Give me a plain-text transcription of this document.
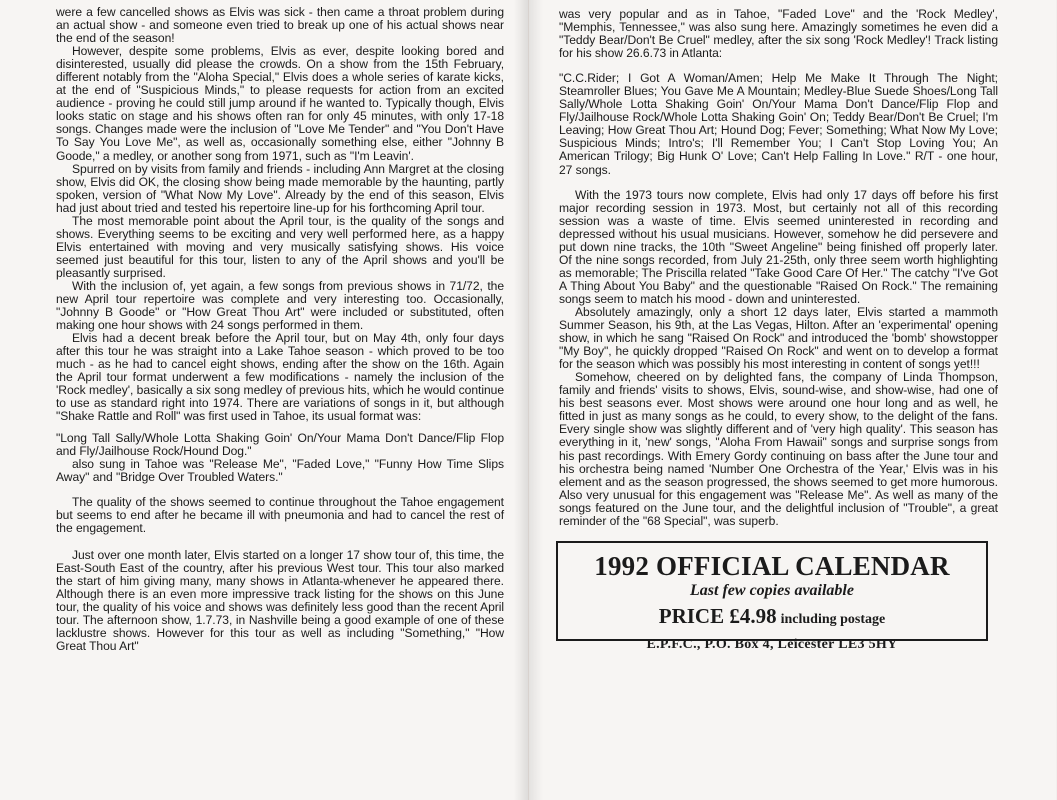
were a few cancelled shows as Elvis was sick - then came a throat problem during an actual show - and someone even tried to break up one of his actual shows near the end of the season!

However, despite some problems, Elvis as ever, despite looking bored and disinterested, usually did please the crowds. On a show from the 15th February, different notably from the "Aloha Special," Elvis does a whole series of karate kicks, at the end of "Suspicious Minds," to please requests for action from an excited audience - proving he could still jump around if he wanted to. Typically though, Elvis looks static on stage and his shows often ran for only 45 minutes, with only 17-18 songs. Changes made were the inclusion of "Love Me Tender" and "You Don't Have To Say You Love Me", as well as, occasionally something else, either "Johnny B Goode," a medley, or another song from 1971, such as "I'm Leavin'.

Spurred on by visits from family and friends - including Ann Margret at the closing show, Elvis did OK, the closing show being made memorable by the haunting, partly spoken, version of "What Now My Love". Already by the end of this season, Elvis had just about tried and tested his repertoire line-up for his forthcoming April tour.

The most memorable point about the April tour, is the quality of the songs and shows. Everything seems to be exciting and very well performed here, as a happy Elvis entertained with moving and very musically satisfying shows. His voice seemed just beautiful for this tour, listen to any of the April shows and you'll be pleasantly surprised.

With the inclusion of, yet again, a few songs from previous shows in 71/72, the new April tour repertoire was complete and very interesting too. Occasionally, "Johnny B Goode" or "How Great Thou Art" were included or substituted, often making one hour shows with 24 songs performed in them.

Elvis had a decent break before the April tour, but on May 4th, only four days after this tour he was straight into a Lake Tahoe season - which proved to be too much - as he had to cancel eight shows, ending after the show on the 16th. Again the April tour format underwent a few modifications - namely the inclusion of the 'Rock medley', basically a six song medley of previous hits, which he would continue to use as standard right into 1974. There are variations of songs in it, but although "Shake Rattle and Roll" was first used in Tahoe, its usual format was:

"Long Tall Sally/Whole Lotta Shaking Goin' On/Your Mama Don't Dance/Flip Flop and Fly/Jailhouse Rock/Hound Dog."

also sung in Tahoe was "Release Me", "Faded Love," "Funny How Time Slips Away" and "Bridge Over Troubled Waters."

The quality of the shows seemed to continue throughout the Tahoe engagement but seems to end after he became ill with pneumonia and had to cancel the rest of the engagement.

Just over one month later, Elvis started on a longer 17 show tour of, this time, the East-South East of the country, after his previous West tour. This tour also marked the start of him giving many, many shows in Atlanta-whenever he appeared there. Although there is an even more impressive track listing for the shows on this June tour, the quality of his voice and shows was definitely less good than the recent April tour. The afternoon show, 1.7.73, in Nashville being a good example of one of these lacklustre shows. However for this tour as well as including "Something," "How Great Thou Art"

was very popular and as in Tahoe, "Faded Love" and the 'Rock Medley', "Memphis, Tennessee," was also sung here. Amazingly sometimes he even did a "Teddy Bear/Don't Be Cruel" medley, after the six song 'Rock Medley'! Track listing for his show 26.6.73 in Atlanta:

"C.C.Rider; I Got A Woman/Amen; Help Me Make It Through The Night; Steamroller Blues; You Gave Me A Mountain; Medley-Blue Suede Shoes/Long Tall Sally/Whole Lotta Shaking Goin' On/Your Mama Don't Dance/Flip Flop and Fly/Jailhouse Rock/Whole Lotta Shaking Goin' On; Teddy Bear/Don't Be Cruel; I'm Leaving; How Great Thou Art; Hound Dog; Fever; Something; What Now My Love; Suspicious Minds; Intro's; I'll Remember You; I Can't Stop Loving You; An American Trilogy; Big Hunk O' Love; Can't Help Falling In Love." R/T - one hour, 27 songs.

With the 1973 tours now complete, Elvis had only 17 days off before his first major recording session in 1973. Most, but certainly not all of this recording session was a waste of time. Elvis seemed uninterested in recording and depressed without his usual musicians. However, somehow he did persevere and put down nine tracks, the 10th "Sweet Angeline" being finished off properly later. Of the nine songs recorded, from July 21-25th, only three seem worth highlighting as memorable; The Priscilla related "Take Good Care Of Her." The catchy "I've Got A Thing About You Baby" and the questionable "Raised On Rock." The remaining songs seem to match his mood - down and uninterested.

Absolutely amazingly, only a short 12 days later, Elvis started a mammoth Summer Season, his 9th, at the Las Vegas, Hilton. After an 'experimental' opening show, in which he sang "Raised On Rock" and introduced the 'bomb' showstopper "My Boy", he quickly dropped "Raised On Rock" and went on to develop a format for the season which was possibly his most interesting in content of songs yet!!!

Somehow, cheered on by delighted fans, the company of Linda Thompson, family and friends' visits to shows, Elvis, sound-wise, and show-wise, had one of his best seasons ever. Most shows were around one hour long and as well, he fitted in just as many songs as he could, to every show, to the delight of the fans. Every single show was slightly different and of 'very high quality'. This season has everything in it, 'new' songs, "Aloha From Hawaii" songs and surprise songs from his past recordings. With Emery Gordy continuing on bass after the June tour and his orchestra being named 'Number One Orchestra of the Year,' Elvis was in his element and as the season progressed, the shows seemed to get more humorous. Also very unusual for this engagement was "Release Me". As well as many of the songs featured on the June tour, and the delightful inclusion of "Trouble", a great reminder of the "68 Special", was superb.

1992 OFFICIAL CALENDAR
Last few copies available
PRICE £4.98 including postage
E.P.F.C., P.O. Box 4, Leicester LE3 5HY
